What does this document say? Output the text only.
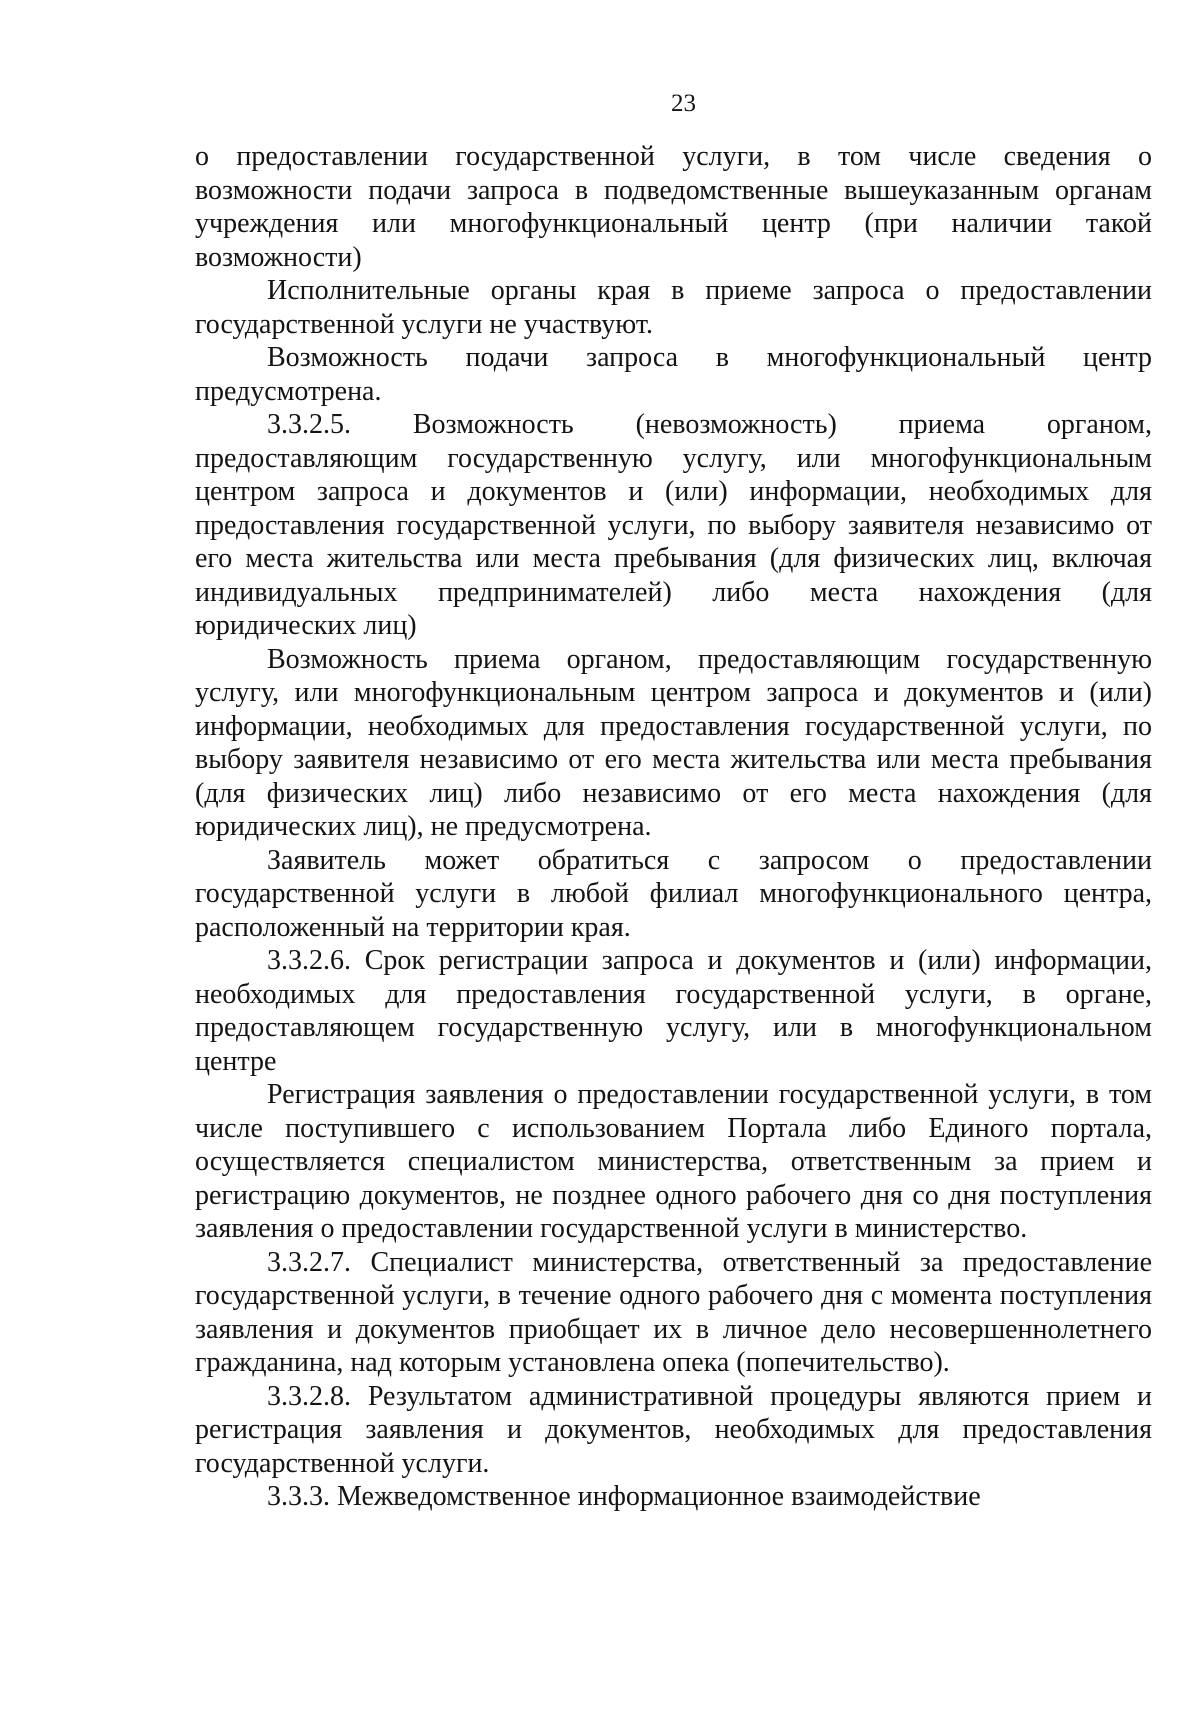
23

о предоставлении государственной услуги, в том числе сведения о возможности подачи запроса в подведомственные вышеуказанным органам учреждения или многофункциональный центр (при наличии такой возможности)

Исполнительные органы края в приеме запроса о предоставлении государственной услуги не участвуют.

Возможность подачи запроса в многофункциональный центр предусмотрена.

3.3.2.5. Возможность (невозможность) приема органом, предоставляющим государственную услугу, или многофункциональным центром запроса и документов и (или) информации, необходимых для предоставления государственной услуги, по выбору заявителя независимо от его места жительства или места пребывания (для физических лиц, включая индивидуальных предпринимателей) либо места нахождения (для юридических лиц)

Возможность приема органом, предоставляющим государственную услугу, или многофункциональным центром запроса и документов и (или) информации, необходимых для предоставления государственной услуги, по выбору заявителя независимо от его места жительства или места пребывания (для физических лиц) либо независимо от его места нахождения (для юридических лиц), не предусмотрена.

Заявитель может обратиться с запросом о предоставлении государственной услуги в любой филиал многофункционального центра, расположенный на территории края.

3.3.2.6. Срок регистрации запроса и документов и (или) информации, необходимых для предоставления государственной услуги, в органе, предоставляющем государственную услугу, или в многофункциональном центре

Регистрация заявления о предоставлении государственной услуги, в том числе поступившего с использованием Портала либо Единого портала, осуществляется специалистом министерства, ответственным за прием и регистрацию документов, не позднее одного рабочего дня со дня поступления заявления о предоставлении государственной услуги в министерство.

3.3.2.7. Специалист министерства, ответственный за предоставление государственной услуги, в течение одного рабочего дня с момента поступления заявления и документов приобщает их в личное дело несовершеннолетнего гражданина, над которым установлена опека (попечительство).

3.3.2.8. Результатом административной процедуры являются прием и регистрация заявления и документов, необходимых для предоставления государственной услуги.

3.3.3. Межведомственное информационное взаимодействие
